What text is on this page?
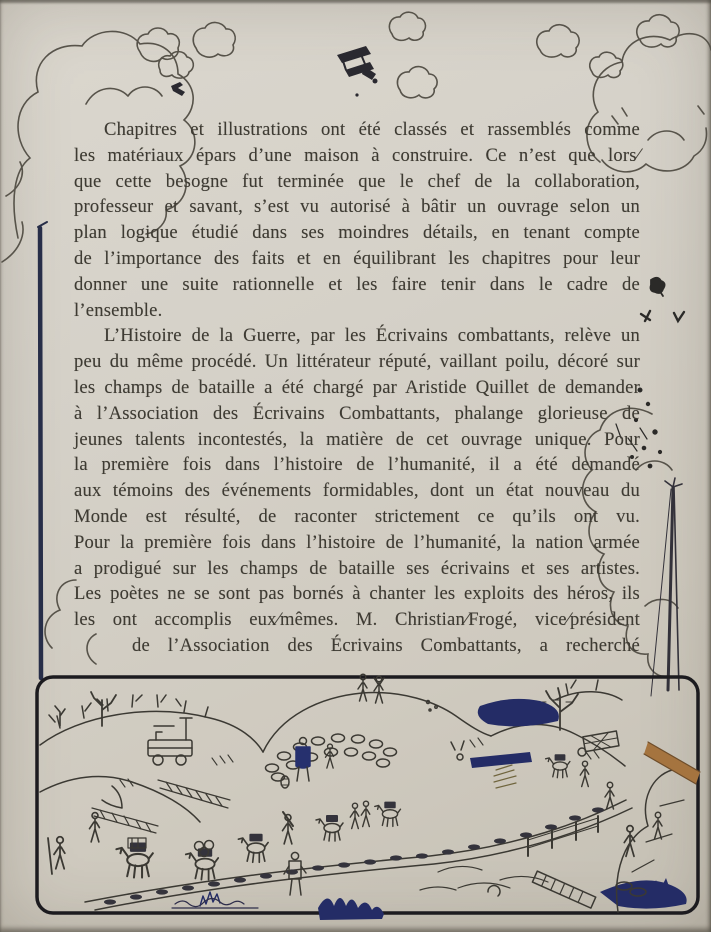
Chapitres et illustrations ont été classés et rassemblés comme
les matériaux épars d’une maison à construire. Ce n’est que lors⁄
que cette besogne fut terminée que le chef de la collaboration,
professeur et savant, s’est vu autorisé à bâtir un ouvrage selon un
plan logique étudié dans ses moindres détails, en tenant compte
de l’importance des faits et en équilibrant les chapitres pour leur
donner une suite rationnelle et les faire tenir dans le cadre de
l’ensemble.
L’Histoire de la Guerre, par les Écrivains combattants, relève un
peu du même procédé. Un littérateur réputé, vaillant poilu, décoré sur
les champs de bataille a été chargé par Aristide Quillet de demander
à l’Association des Écrivains Combattants, phalange glorieuse de
jeunes talents incontestés, la matière de cet ouvrage unique. Pour
la première fois dans l’histoire de l’humanité, il a été demandé
aux témoins des événements formidables, dont un état nouveau du
Monde est résulté, de raconter strictement ce qu’ils ont vu.
Pour la première fois dans l’histoire de l’humanité, la nation armée
a prodigué sur les champs de bataille ses écrivains et ses artistes.
Les poètes ne se sont pas bornés à chanter les exploits des héros, ils
les ont accomplis eux⁄mêmes. M. Christian⁄Frogé, vice⁄président
de l’Association des Écrivains Combattants, a recherché
